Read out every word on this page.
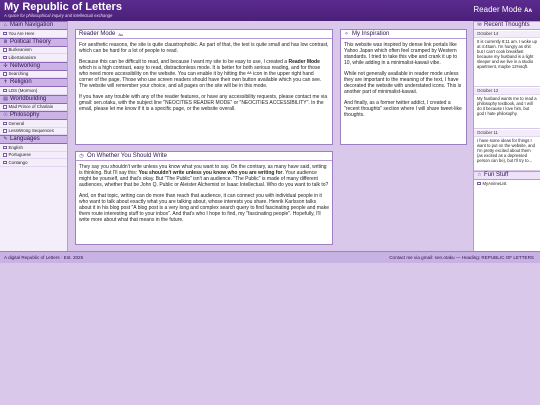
My Republic of Letters
A space for philosophical inquiry and intellectual exchange
Reader Mode Aᴀ
⌂ Main Navigation
You Are Here
Ⅲ Political Theory
Burkeanism
Libertarianism
✣ Networking
Searching
✝ Religion
LDS (Mormon)
▤ Worldbuilding
Mad Prince of Charlain
☉ Philosophy
General
LessWrong Sequences
✎ Languages
English
Portuguese
Contango
Reader Mode Aᴀ

For aesthetic reasons, the site is quite claustrophobic. As part of that, the text is quite small and has low contrast, which can be hard for a lot of people to read.

Because this can be difficult to read, and because I want my site to be easy to use, I created a Reader Mode which is a high contrast, easy to read, distractionless mode. It is better for both serious reading, and for those who need more accessibility on the website. You can enable it by hitting the ᴬᴬ icon in the upper right hand corner of the page. Those who use screen readers should have their own button available which you can see. The website will remember your choice, and all pages on the site will be in this mode.

If you have any trouble with any of the reader features, or have any accessibility requests, please contact me via gmail: sen.otaku, with the subject line "NEOCITIES READER MODE" or "NEOCITIES ACCESSIBILITY". In the email, please let me know if it is a specific page, or the website overall.

✧ My Inspiration

This website was inspired by dense link portals like Yahoo Japan which often feel cramped by Western standards. I tried to take this vibe and crank it up to 10, while adding in a minimalist-kawaii vibe.

While not generally available in reader mode unless they are important to the meaning of the text, I have decorated the website with understated icons. This is another part of minimalist-kawaii.

And finally, as a former twitter addict, I created a "recent thoughts" section where I will share tweet-like thoughts.

◷ On Whether You Should Write

They say you shouldn't write unless you know what you want to say. On the contrary, as many have said, writing is thinking. But I'll say this: You shouldn't write unless you know who you are writing for. Your audience might be yourself, and that's okay. But "The Public" isn't an audience. "The Public" is made of many different audiences, whether that be John Q. Public or Aleister Alchemist or Isaac Intellectual. Who do you want to talk to?

And, on that topic, writing can do more than reach that audience, it can connect you with individual people in it who want to talk about exactly what you are talking about, whose interests you share. Henrik Karlsson talks about it in his blog post "A blog post is a very long and complex search query to find fascinating people and make them route interesting stuff to your inbox". And that's who I hope to find, my "fascinating people". Hopefully, I'll write more about what that means in the future.

✉ Recent Thoughts
October 14
It is currently 8:11 am. I woke up at 4:45am. I'm hungry as shit but I can't cook breakfast because my husband is a light sleeper and we live in a studio apartment, maybe 12%sqft.
October 12
My husband wants me to read a philosophy textbook, and I will do it because I love him, but god I hate philosophy.
October 11
I have some ideas for things I want to put on the website, and I'm pretty excited about them (as excited as a depressed person can be), but I'll try to...
☆ Fun Stuff
MyAnimeList
A digital Republic of Letters · Est. 2025	Contact me via gmail: sen.otaku — Heading: REPUBLIC OF LETTERS
